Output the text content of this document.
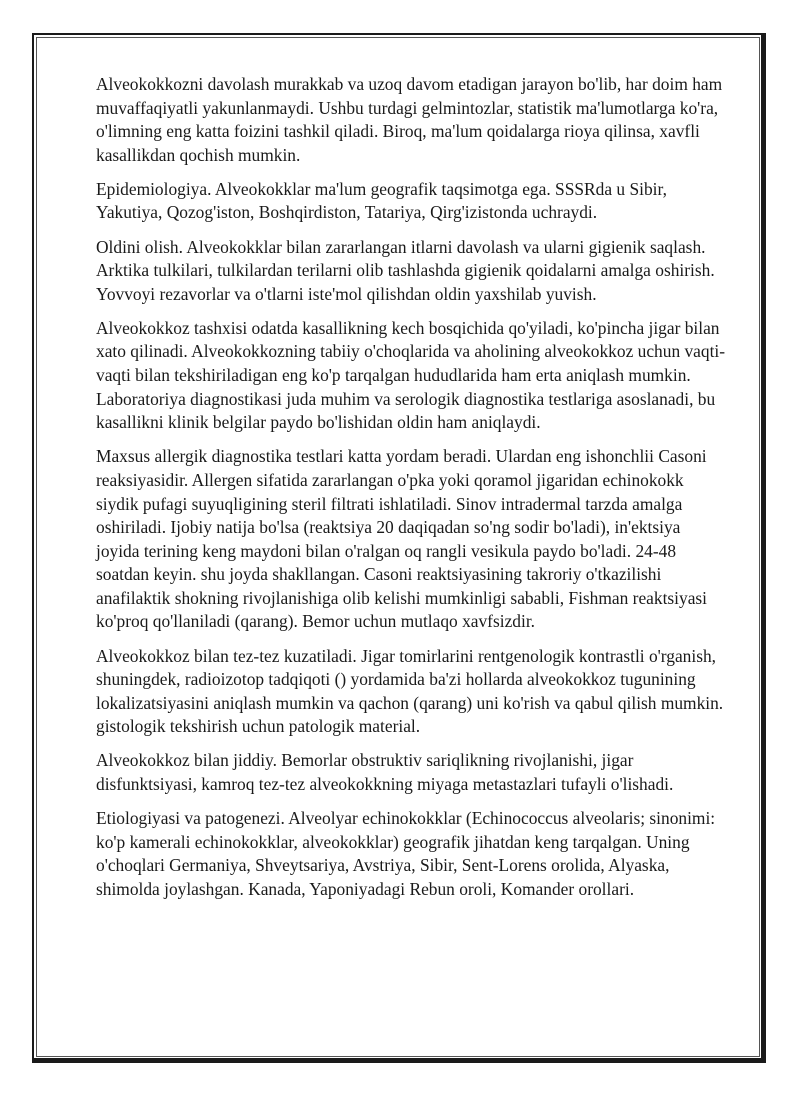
Alveokokkozni davolash murakkab va uzoq davom etadigan jarayon bo'lib, har doim ham muvaffaqiyatli yakunlanmaydi. Ushbu turdagi gelmintozlar, statistik ma'lumotlarga ko'ra, o'limning eng katta foizini tashkil qiladi. Biroq, ma'lum qoidalarga rioya qilinsa, xavfli kasallikdan qochish mumkin.

Epidemiologiya. Alveokokklar ma'lum geografik taqsimotga ega. SSSRda u Sibir, Yakutiya, Qozog'iston, Boshqirdiston, Tatariya, Qirg'izistonda uchraydi.

Oldini olish. Alveokokklar bilan zararlangan itlarni davolash va ularni gigienik saqlash. Arktika tulkilari, tulkilardan terilarni olib tashlashda gigienik qoidalarni amalga oshirish. Yovvoyi rezavorlar va o'tlarni iste'mol qilishdan oldin yaxshilab yuvish.

Alveokokkoz tashxisi odatda kasallikning kech bosqichida qo'yiladi, ko'pincha jigar bilan xato qilinadi. Alveokokkozning tabiiy o'choqlarida va aholining alveokokkoz uchun vaqti-vaqti bilan tekshiriladigan eng ko'p tarqalgan hududlarida ham erta aniqlash mumkin. Laboratoriya diagnostikasi juda muhim va serologik diagnostika testlariga asoslanadi, bu kasallikni klinik belgilar paydo bo'lishidan oldin ham aniqlaydi.

Maxsus allergik diagnostika testlari katta yordam beradi. Ulardan eng ishonchlii Casoni reaksiyasidir. Allergen sifatida zararlangan o'pka yoki qoramol jigaridan echinokokk siydik pufagi suyuqligining steril filtrati ishlatiladi. Sinov intradermal tarzda amalga oshiriladi. Ijobiy natija bo'lsa (reaktsiya 20 daqiqadan so'ng sodir bo'ladi), in'ektsiya joyida terining keng maydoni bilan o'ralgan oq rangli vesikula paydo bo'ladi. 24-48 soatdan keyin. shu joyda shakllangan. Casoni reaktsiyasining takroriy o'tkazilishi anafilaktik shokning rivojlanishiga olib kelishi mumkinligi sababli, Fishman reaktsiyasi ko'proq qo'llaniladi (qarang). Bemor uchun mutlaqo xavfsizdir.

Alveokokkoz bilan tez-tez kuzatiladi. Jigar tomirlarini rentgenologik kontrastli o'rganish, shuningdek, radioizotop tadqiqoti () yordamida ba'zi hollarda alveokokkoz tugunining lokalizatsiyasini aniqlash mumkin va qachon (qarang) uni ko'rish va qabul qilish mumkin. gistologik tekshirish uchun patologik material.

Alveokokkoz bilan jiddiy. Bemorlar obstruktiv sariqlikning rivojlanishi, jigar disfunktsiyasi, kamroq tez-tez alveokokkning miyaga metastazlari tufayli o'lishadi.

Etiologiyasi va patogenezi. Alveolyar echinokokklar (Echinococcus alveolaris; sinonimi: ko'p kamerali echinokokklar, alveokokklar) geografik jihatdan keng tarqalgan. Uning o'choqlari Germaniya, Shveytsariya, Avstriya, Sibir, Sent-Lorens orolida, Alyaska, shimolda joylashgan. Kanada, Yaponiyadagi Rebun oroli, Komander orollari.
